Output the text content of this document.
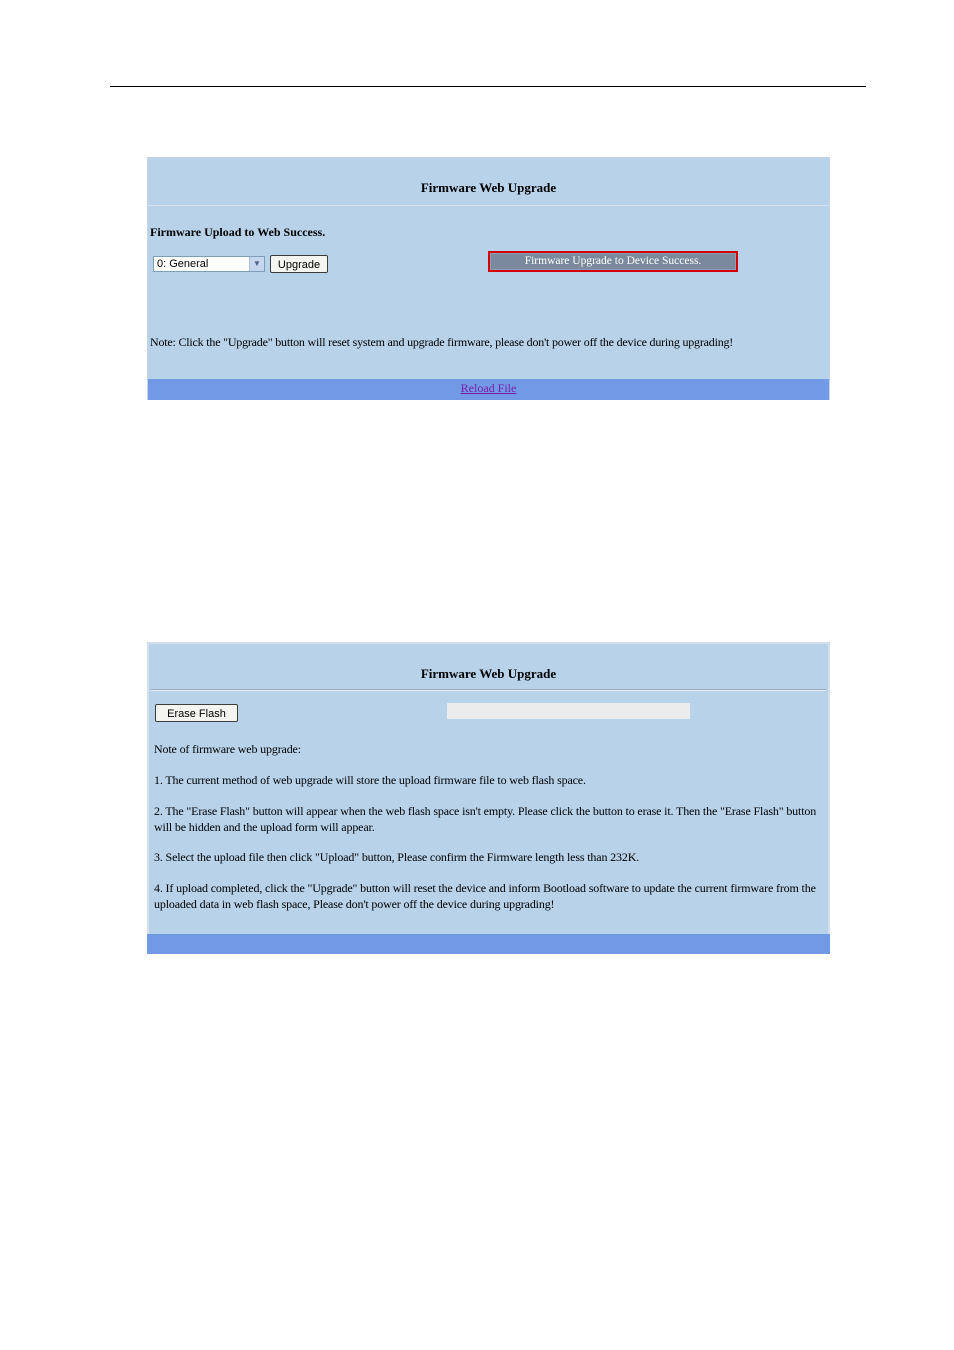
Firmware Web Upgrade
Firmware Upload to Web Success.
0: General	▼	Upgrade	Firmware Upgrade to Device Success.
Note: Click the "Upgrade" button will reset system and upgrade firmware, please don't power off the device during upgrading!
Reload File
Firmware Web Upgrade
Erase Flash
Note of firmware web upgrade:
1. The current method of web upgrade will store the upload firmware file to web flash space.
2. The "Erase Flash" button will appear when the web flash space isn't empty. Please click the button to erase it. Then the "Erase Flash" button will be hidden and the upload form will appear.
3. Select the upload file then click "Upload" button, Please confirm the Firmware length less than 232K.
4. If upload completed, click the "Upgrade" button will reset the device and inform Bootload software to update the current firmware from the uploaded data in web flash space, Please don't power off the device during upgrading!
